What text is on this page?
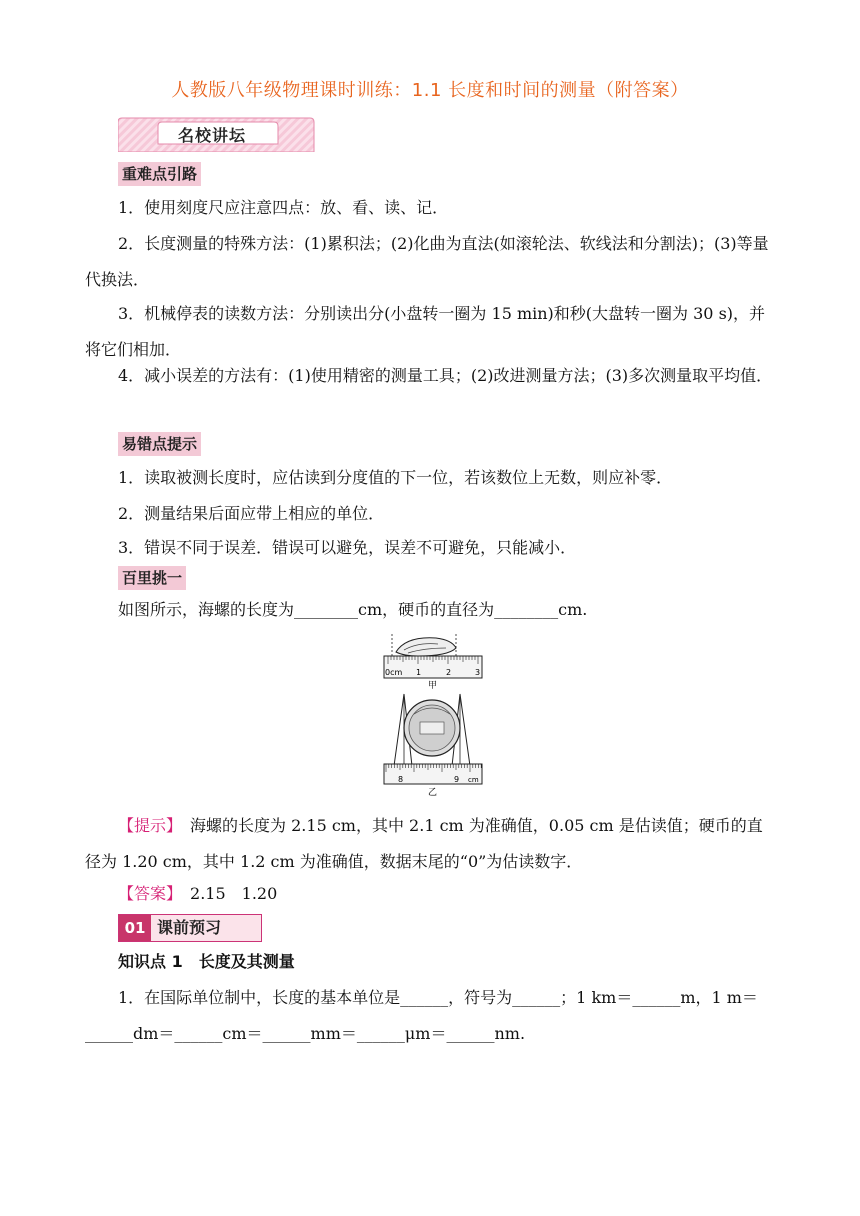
人教版八年级物理课时训练：1.1 长度和时间的测量（附答案）
名校讲坛
重难点引路
1．使用刻度尺应注意四点：放、看、读、记．
2．长度测量的特殊方法：(1)累积法；(2)化曲为直法(如滚轮法、软线法和分割法)；(3)等量代换法．
3．机械停表的读数方法：分别读出分(小盘转一圈为 15 min)和秒(大盘转一圈为 30 s)，并将它们相加．
4．减小误差的方法有：(1)使用精密的测量工具；(2)改进测量方法；(3)多次测量取平均值．
易错点提示
1．读取被测长度时，应估读到分度值的下一位，若该数位上无数，则应补零．
2．测量结果后面应带上相应的单位．
3．错误不同于误差．错误可以避免，误差不可避免，只能减小．
百里挑一
如图所示，海螺的长度为________cm，硬币的直径为________cm.
0cm 1	2	3
甲
8	9 cm
乙
【提示】　 海螺的长度为 2.15 cm，其中 2.1 cm 为准确值，0.05 cm 是估读值；硬币的直径为 1.20 cm，其中 1.2 cm 为准确值，数据末尾的“0”为估读数字．
【答案】　 2.15　1.20
01 课前预习
知识点 1　长度及其测量
1．在国际单位制中，长度的基本单位是______，符号为______；1 km＝______m，1 m＝______dm＝______cm＝______mm＝______μm＝______nm.
